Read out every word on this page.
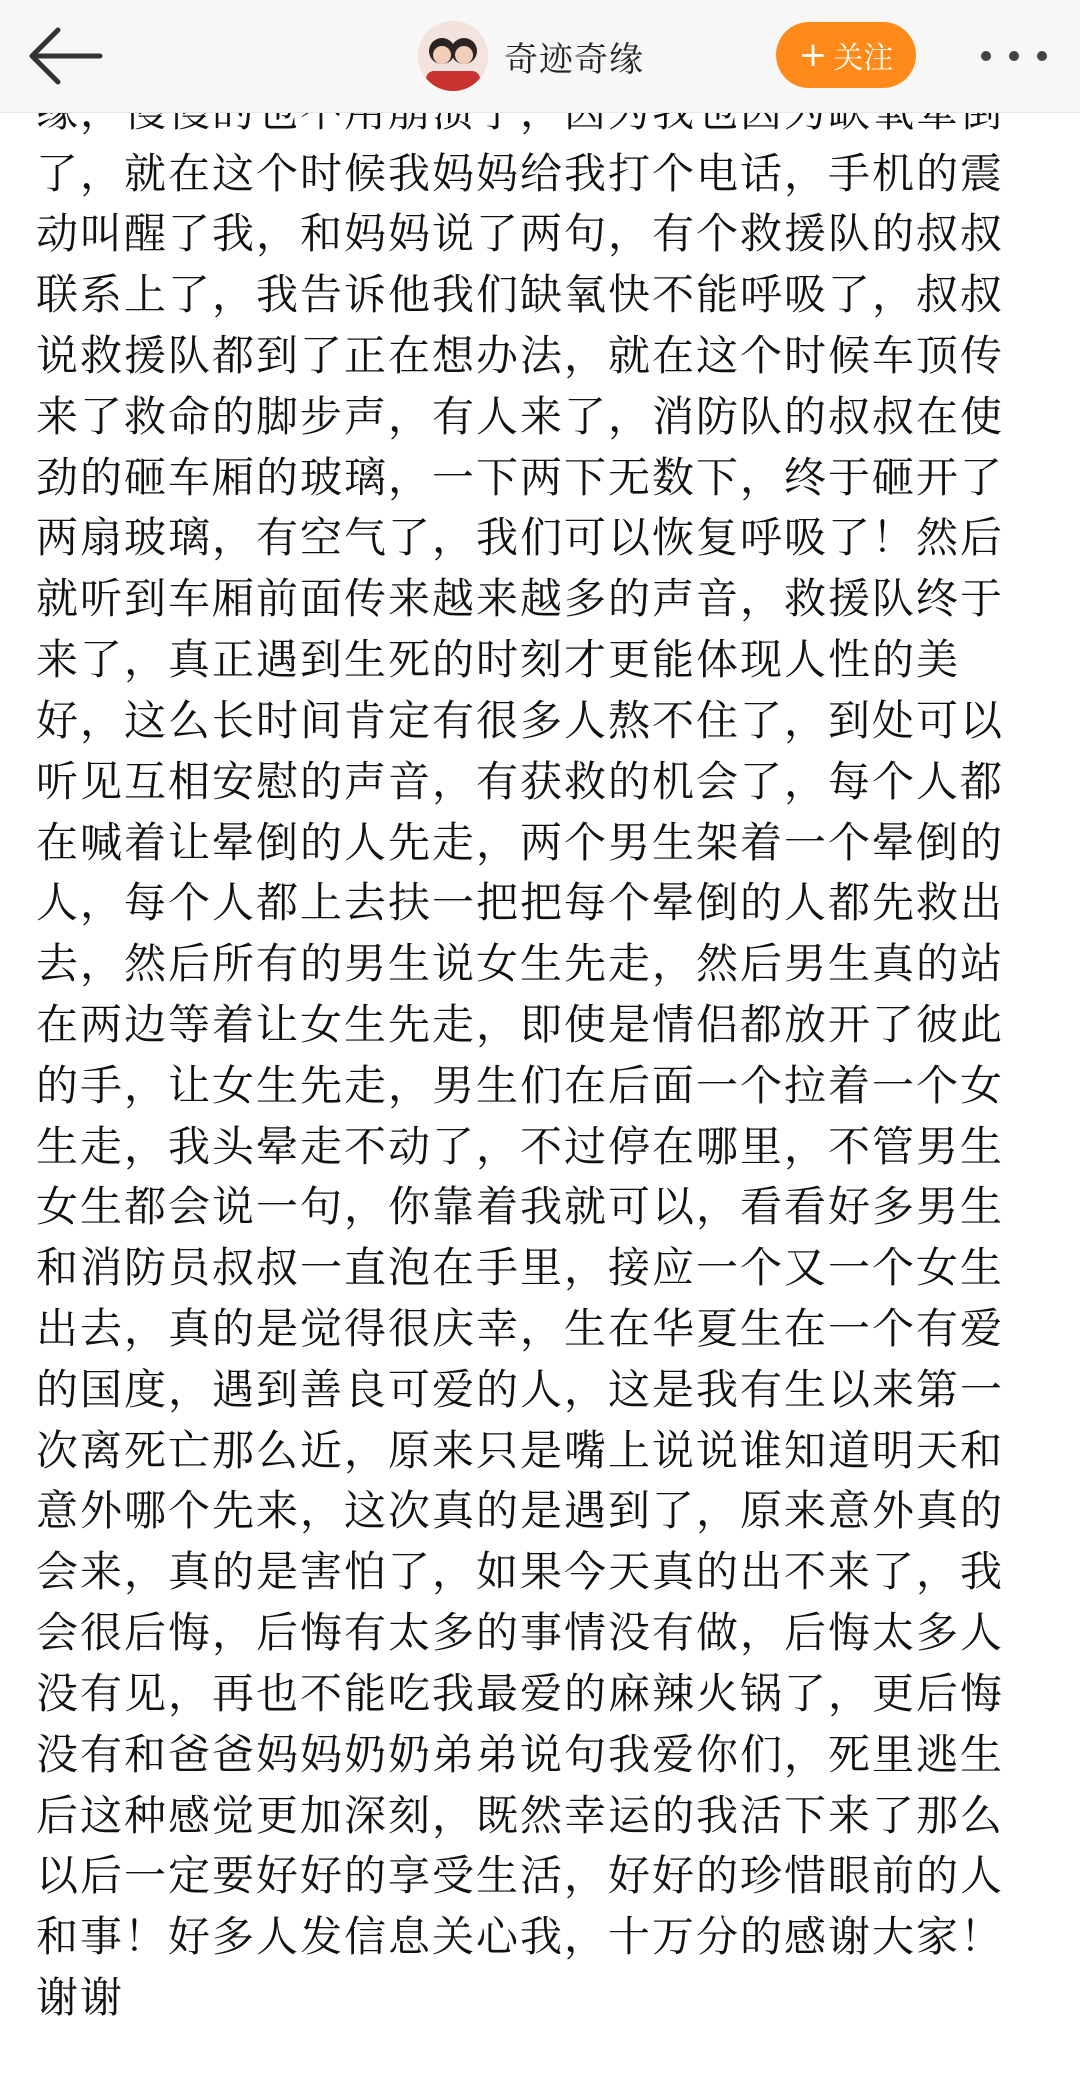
奇迹奇缘	+ 关注
了，就在这个时候我妈妈给我打个电话，手机的震
动叫醒了我，和妈妈说了两句，有个救援队的叔叔
联系上了，我告诉他我们缺氧快不能呼吸了，叔叔
说救援队都到了正在想办法，就在这个时候车顶传
来了救命的脚步声，有人来了，消防队的叔叔在使
劲的砸车厢的玻璃，一下两下无数下，终于砸开了
两扇玻璃，有空气了，我们可以恢复呼吸了！然后
就听到车厢前面传来越来越多的声音，救援队终于
来了，真正遇到生死的时刻才更能体现人性的美
好，这么长时间肯定有很多人熬不住了，到处可以
听见互相安慰的声音，有获救的机会了，每个人都
在喊着让晕倒的人先走，两个男生架着一个晕倒的
人，每个人都上去扶一把把每个晕倒的人都先救出
去，然后所有的男生说女生先走，然后男生真的站
在两边等着让女生先走，即使是情侣都放开了彼此
的手，让女生先走，男生们在后面一个拉着一个女
生走，我头晕走不动了，不过停在哪里，不管男生
女生都会说一句，你靠着我就可以，看看好多男生
和消防员叔叔一直泡在手里，接应一个又一个女生
出去，真的是觉得很庆幸，生在华夏生在一个有爱
的国度，遇到善良可爱的人，这是我有生以来第一
次离死亡那么近，原来只是嘴上说说谁知道明天和
意外哪个先来，这次真的是遇到了，原来意外真的
会来，真的是害怕了，如果今天真的出不来了，我
会很后悔，后悔有太多的事情没有做，后悔太多人
没有见，再也不能吃我最爱的麻辣火锅了，更后悔
没有和爸爸妈妈奶奶弟弟说句我爱你们，死里逃生
后这种感觉更加深刻，既然幸运的我活下来了那么
以后一定要好好的享受生活，好好的珍惜眼前的人
和事！好多人发信息关心我，十万分的感谢大家！
谢谢
